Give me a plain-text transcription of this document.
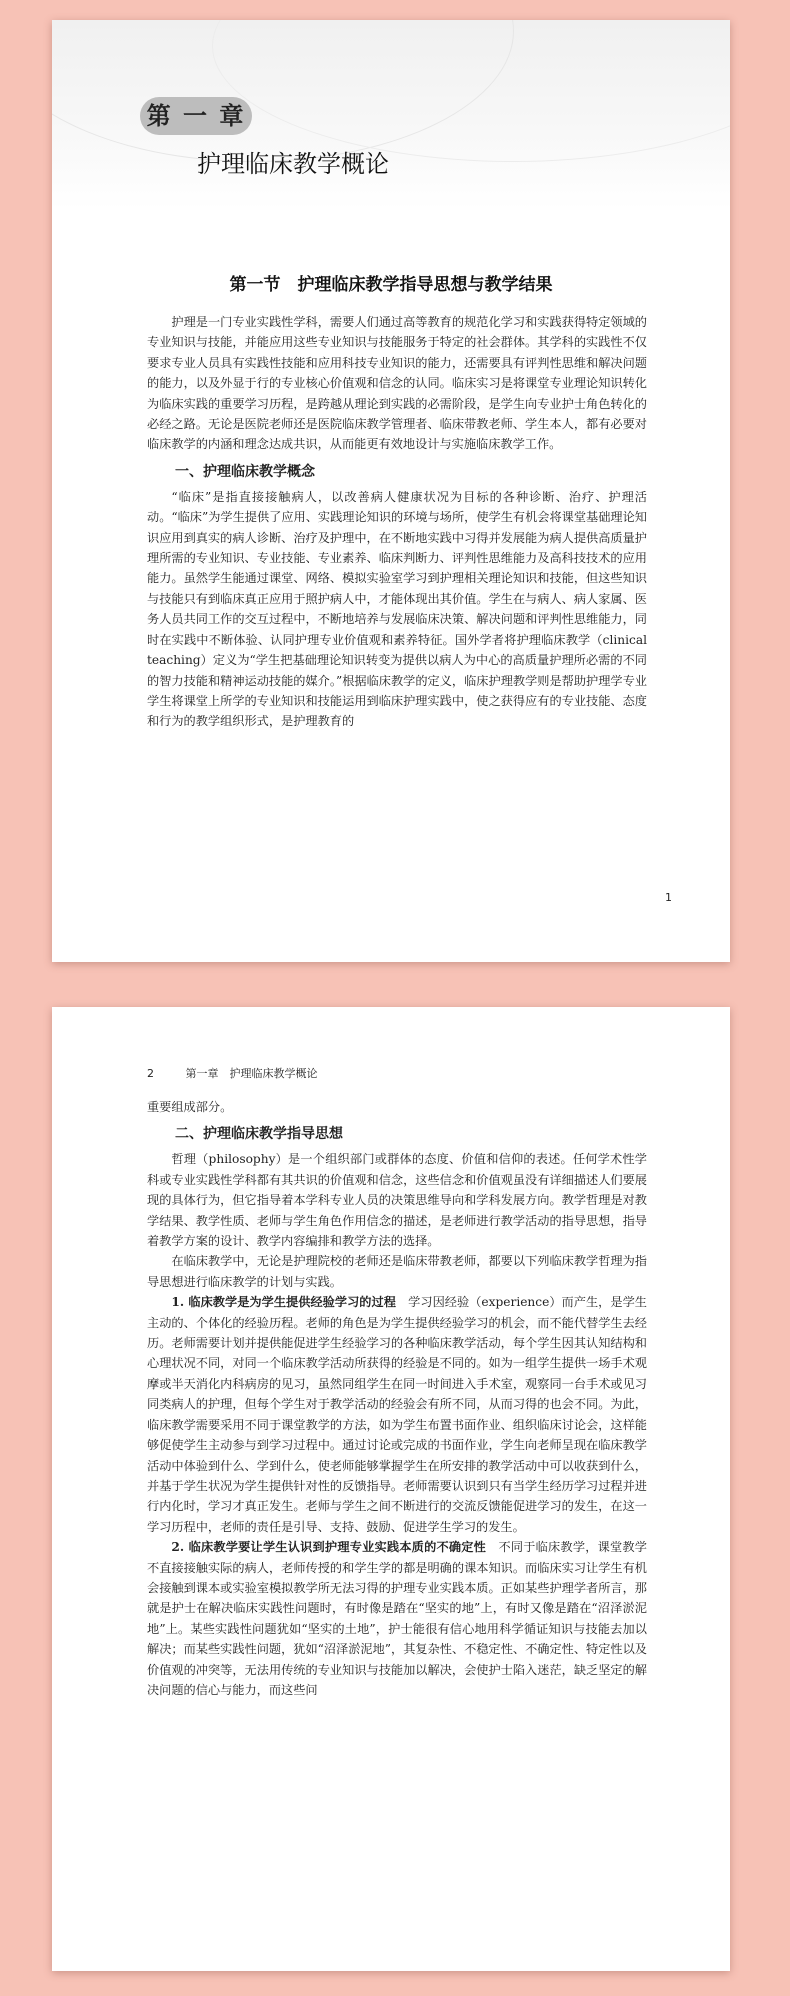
第 一 章
护理临床教学概论
第一节　护理临床教学指导思想与教学结果

护理是一门专业实践性学科，需要人们通过高等教育的规范化学习和实践获得特定领域的专业知识与技能，并能应用这些专业知识与技能服务于特定的社会群体。其学科的实践性不仅要求专业人员具有实践性技能和应用科技专业知识的能力，还需要具有评判性思维和解决问题的能力，以及外显于行的专业核心价值观和信念的认同。临床实习是将课堂专业理论知识转化为临床实践的重要学习历程，是跨越从理论到实践的必需阶段，是学生向专业护士角色转化的必经之路。无论是医院老师还是医院临床教学管理者、临床带教老师、学生本人，都有必要对临床教学的内涵和理念达成共识，从而能更有效地设计与实施临床教学工作。

一、护理临床教学概念

“临床”是指直接接触病人，以改善病人健康状况为目标的各种诊断、治疗、护理活动。“临床”为学生提供了应用、实践理论知识的环境与场所，使学生有机会将课堂基础理论知识应用到真实的病人诊断、治疗及护理中，在不断地实践中习得并发展能为病人提供高质量护理所需的专业知识、专业技能、专业素养、临床判断力、评判性思维能力及高科技技术的应用能力。虽然学生能通过课堂、网络、模拟实验室学习到护理相关理论知识和技能，但这些知识与技能只有到临床真正应用于照护病人中，才能体现出其价值。学生在与病人、病人家属、医务人员共同工作的交互过程中，不断地培养与发展临床决策、解决问题和评判性思维能力，同时在实践中不断体验、认同护理专业价值观和素养特征。国外学者将护理临床教学（clinical teaching）定义为“学生把基础理论知识转变为提供以病人为中心的高质量护理所必需的不同的智力技能和精神运动技能的媒介。”根据临床教学的定义，临床护理教学则是帮助护理学专业学生将课堂上所学的专业知识和技能运用到临床护理实践中，使之获得应有的专业技能、态度和行为的教学组织形式，是护理教育的

1
2	第一章　护理临床教学概论

重要组成部分。

二、护理临床教学指导思想

哲理（philosophy）是一个组织部门或群体的态度、价值和信仰的表述。任何学术性学科或专业实践性学科都有其共识的价值观和信念，这些信念和价值观虽没有详细描述人们要展现的具体行为，但它指导着本学科专业人员的决策思维导向和学科发展方向。教学哲理是对教学结果、教学性质、老师与学生角色作用信念的描述，是老师进行教学活动的指导思想，指导着教学方案的设计、教学内容编排和教学方法的选择。

在临床教学中，无论是护理院校的老师还是临床带教老师，都要以下列临床教学哲理为指导思想进行临床教学的计划与实践。

1. 临床教学是为学生提供经验学习的过程　学习因经验（experience）而产生，是学生主动的、个体化的经验历程。老师的角色是为学生提供经验学习的机会，而不能代替学生去经历。老师需要计划并提供能促进学生经验学习的各种临床教学活动，每个学生因其认知结构和心理状况不同，对同一个临床教学活动所获得的经验是不同的。如为一组学生提供一场手术观摩或半天消化内科病房的见习，虽然同组学生在同一时间进入手术室，观察同一台手术或见习同类病人的护理，但每个学生对于教学活动的经验会有所不同，从而习得的也会不同。为此，临床教学需要采用不同于课堂教学的方法，如为学生布置书面作业、组织临床讨论会，这样能够促使学生主动参与到学习过程中。通过讨论或完成的书面作业，学生向老师呈现在临床教学活动中体验到什么、学到什么，使老师能够掌握学生在所安排的教学活动中可以收获到什么，并基于学生状况为学生提供针对性的反馈指导。老师需要认识到只有当学生经历学习过程并进行内化时，学习才真正发生。老师与学生之间不断进行的交流反馈能促进学习的发生，在这一学习历程中，老师的责任是引导、支持、鼓励、促进学生学习的发生。

2. 临床教学要让学生认识到护理专业实践本质的不确定性　不同于临床教学，课堂教学不直接接触实际的病人，老师传授的和学生学的都是明确的课本知识。而临床实习让学生有机会接触到课本或实验室模拟教学所无法习得的护理专业实践本质。正如某些护理学者所言，那就是护士在解决临床实践性问题时，有时像是踏在“坚实的地”上，有时又像是踏在“沼泽淤泥地”上。某些实践性问题犹如“坚实的土地”，护士能很有信心地用科学循证知识与技能去加以解决；而某些实践性问题，犹如“沼泽淤泥地”，其复杂性、不稳定性、不确定性、特定性以及价值观的冲突等，无法用传统的专业知识与技能加以解决，会使护士陷入迷茫，缺乏坚定的解决问题的信心与能力，而这些问
